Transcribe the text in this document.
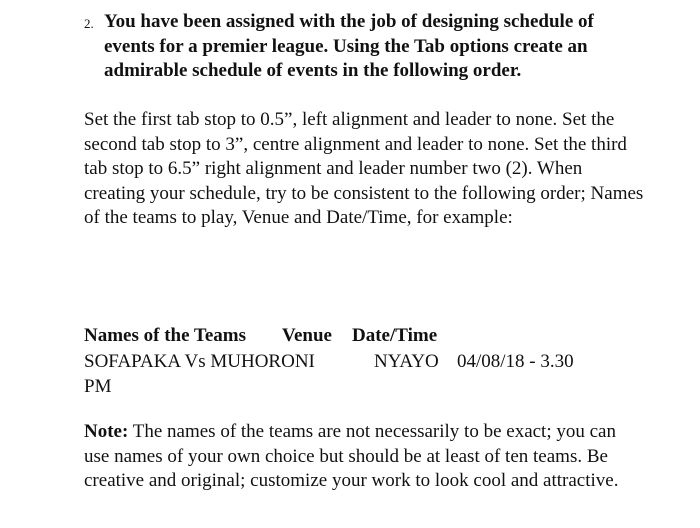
2. You have been assigned with the job of designing schedule of events for a premier league. Using the Tab options create an admirable schedule of events in the following order.
Set the first tab stop to 0.5”, left alignment and leader to none. Set the second tab stop to 3”, centre alignment and leader to none. Set the third tab stop to 6.5” right alignment and leader number two (2). When creating your schedule, try to be consistent to the following order; Names of the teams to play, Venue and Date/Time, for example:
Names of the Teams Venue Date/Time
SOFAPAKA Vs MUHORONI	NYAYO 04/08/18 - 3.30
PM
Note: The names of the teams are not necessarily to be exact; you can use names of your own choice but should be at least of ten teams. Be creative and original; customize your work to look cool and attractive.
